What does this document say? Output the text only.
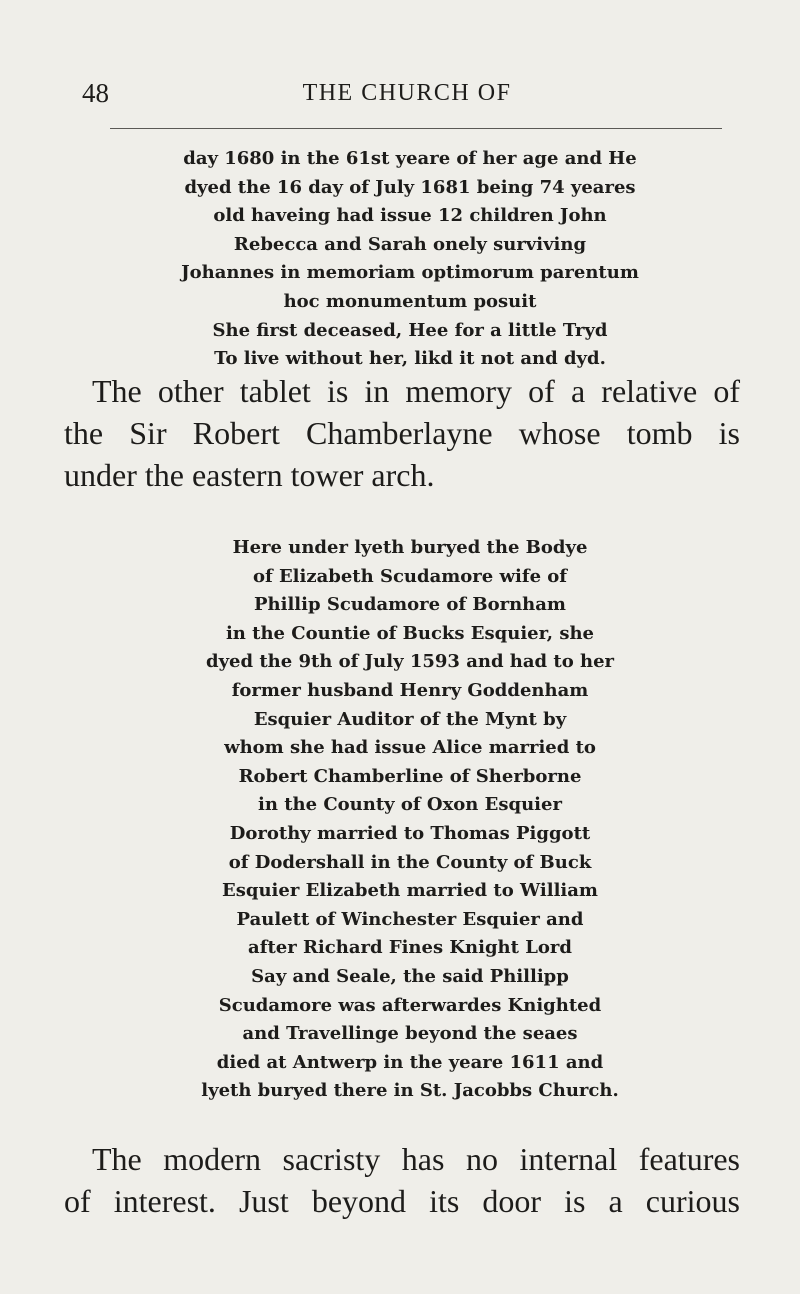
48	THE CHURCH OF
day 1680 in the 61st yeare of her age and He
dyed the 16 day of July 1681 being 74 yeares
old haveing had issue 12 children John
Rebecca and Sarah onely surviving
Johannes in memoriam optimorum parentum
hoc monumentum posuit
She first deceased, Hee for a little Tryd
To live without her, likd it not and dyd.
The other tablet is in memory of a relative of
the Sir Robert Chamberlayne whose tomb is
under the eastern tower arch.
Here under lyeth buryed the Bodye
of Elizabeth Scudamore wife of
Phillip Scudamore of Bornham
in the Countie of Bucks Esquier, she
dyed the 9th of July 1593 and had to her
former husband Henry Goddenham
Esquier Auditor of the Mynt by
whom she had issue Alice married to
Robert Chamberline of Sherborne
in the County of Oxon Esquier
Dorothy married to Thomas Piggott
of Dodershall in the County of Buck
Esquier Elizabeth married to William
Paulett of Winchester Esquier and
after Richard Fines Knight Lord
Say and Seale, the said Phillipp
Scudamore was afterwardes Knighted
and Travellinge beyond the seaes
died at Antwerp in the yeare 1611 and
lyeth buryed there in St. Jacobbs Church.
The modern sacristy has no internal features
of interest. Just beyond its door is a curious
